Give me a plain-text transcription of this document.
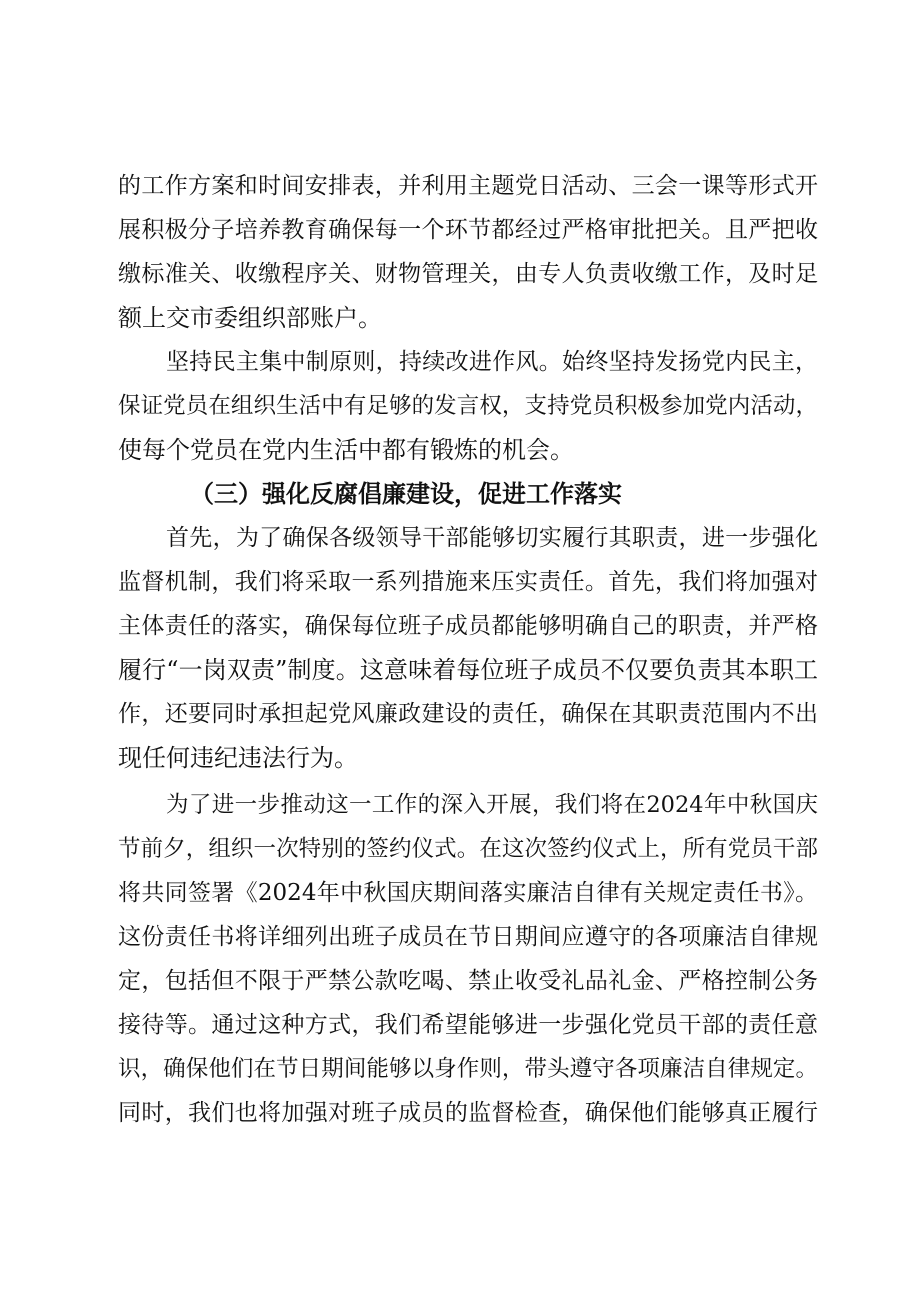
的工作方案和时间安排表，并利用主题党日活动、三会一课等形式开

展积极分子培养教育确保每一个环节都经过严格审批把关。且严把收

缴标准关、收缴程序关、财物管理关，由专人负责收缴工作，及时足

额上交市委组织部账户。

坚持民主集中制原则，持续改进作风。始终坚持发扬党内民主，

保证党员在组织生活中有足够的发言权，支持党员积极参加党内活动，

使每个党员在党内生活中都有锻炼的机会。

（三）强化反腐倡廉建设，促进工作落实

首先，为了确保各级领导干部能够切实履行其职责，进一步强化

监督机制，我们将采取一系列措施来压实责任。首先，我们将加强对

主体责任的落实，确保每位班子成员都能够明确自己的职责，并严格

履行“一岗双责”制度。这意味着每位班子成员不仅要负责其本职工

作，还要同时承担起党风廉政建设的责任，确保在其职责范围内不出

现任何违纪违法行为。

为了进一步推动这一工作的深入开展，我们将在2024年中秋国庆

节前夕，组织一次特别的签约仪式。在这次签约仪式上，所有党员干部

将共同签署《2024年中秋国庆期间落实廉洁自律有关规定责任书》。

这份责任书将详细列出班子成员在节日期间应遵守的各项廉洁自律规

定，包括但不限于严禁公款吃喝、禁止收受礼品礼金、严格控制公务

接待等。通过这种方式，我们希望能够进一步强化党员干部的责任意

识，确保他们在节日期间能够以身作则，带头遵守各项廉洁自律规定。

同时，我们也将加强对班子成员的监督检查，确保他们能够真正履行
